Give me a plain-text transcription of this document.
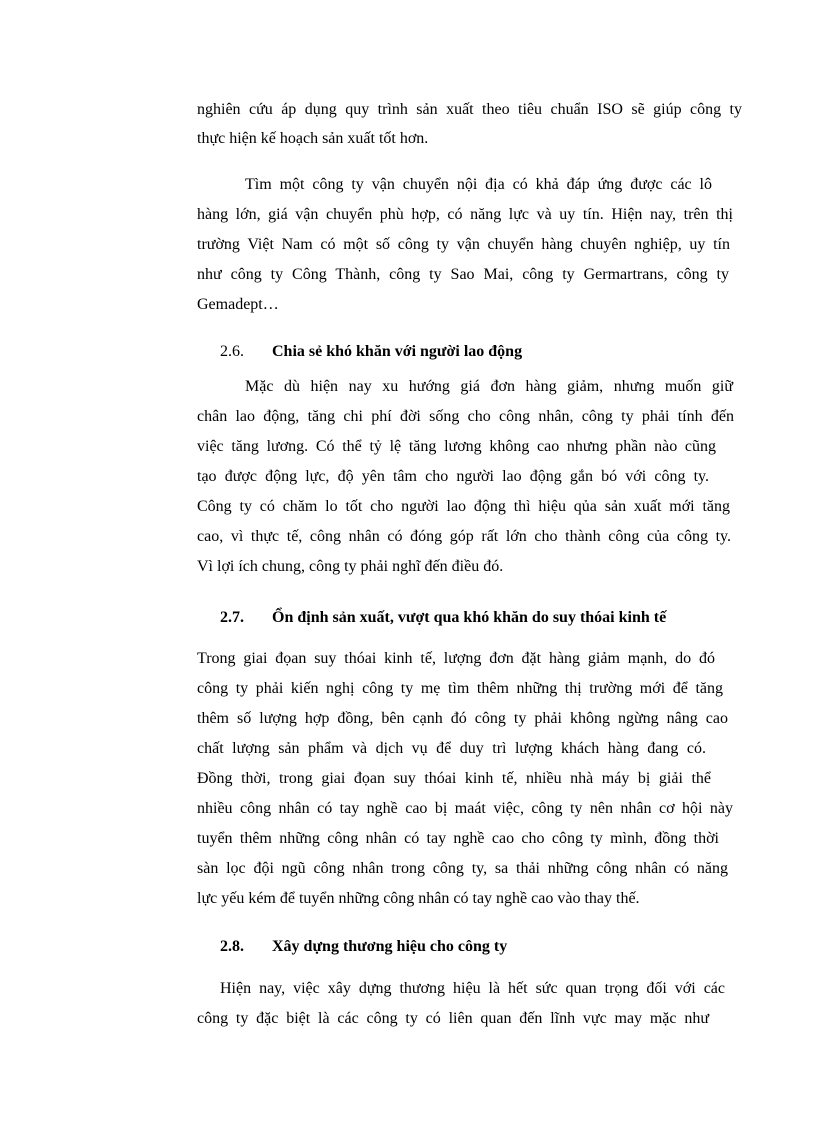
nghiên cứu áp dụng quy trình sản xuất theo tiêu chuẩn ISO sẽ giúp công ty
thực hiện kế hoạch sản xuất tốt hơn.
Tìm một công ty vận chuyển nội địa có khả đáp ứng được các lô
hàng lớn, giá vận chuyển phù hợp, có năng lực và uy tín. Hiện nay, trên thị
trường Việt Nam có một số công ty vận chuyển hàng chuyên nghiệp, uy tín
như công ty Công Thành, công ty Sao Mai, công ty Germartrans, công ty
Gemadept…
2.6. Chia sẻ khó khăn với người lao động
Mặc dù hiện nay xu hướng giá đơn hàng giảm, nhưng muốn giữ
chân lao động, tăng chi phí đời sống cho công nhân, công ty phải tính đến
việc tăng lương. Có thể tỷ lệ tăng lương không cao nhưng phần nào cũng
tạo được động lực, độ yên tâm cho người lao động gắn bó với công ty.
Công ty có chăm lo tốt cho người lao động thì hiệu qủa sản xuất mới tăng
cao, vì thực tế, công nhân có đóng góp rất lớn cho thành công của công ty.
Vì lợi ích chung, công ty phải nghĩ đến điều đó.
2.7. Ổn định sản xuất, vượt qua khó khăn do suy thóai kinh tế
Trong giai đọan suy thóai kinh tế, lượng đơn đặt hàng giảm mạnh, do đó
công ty phải kiến nghị công ty mẹ tìm thêm những thị trường mới để tăng
thêm số lượng hợp đồng, bên cạnh đó công ty phải không ngừng nâng cao
chất lượng sản phẩm và dịch vụ để duy trì lượng khách hàng đang có.
Đồng thời, trong giai đọan suy thóai kinh tế, nhiều nhà máy bị giải thể
nhiều công nhân có tay nghề cao bị maát việc, công ty nên nhân cơ hội này
tuyển thêm những công nhân có tay nghề cao cho công ty mình, đồng thời
sàn lọc đội ngũ công nhân trong công ty, sa thải những công nhân có năng
lực yếu kém để tuyển những công nhân có tay nghề cao vào thay thế.
2.8. Xây dựng thương hiệu cho công ty
Hiện nay, việc xây dựng thương hiệu là hết sức quan trọng đối với các
công ty đặc biệt là các công ty có liên quan đến lĩnh vực may mặc như
